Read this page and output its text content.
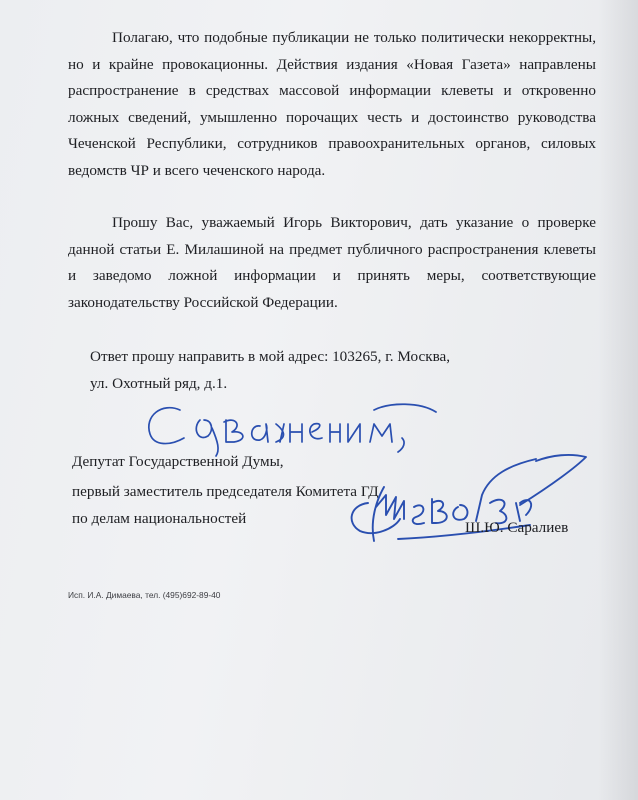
Полагаю, что подобные публикации не только политически некорректны, но и крайне провокационны. Действия издания «Новая Газета» направлены распространение в средствах массовой информации клеветы и откровенно ложных сведений, умышленно порочащих честь и достоинство руководства Чеченской Республики, сотрудников правоохранительных органов, силовых ведомств ЧР и всего чеченского народа.

Прошу Вас, уважаемый Игорь Викторович, дать указание о проверке данной статьи Е. Милашиной на предмет публичного распространения клеветы и заведомо ложной информации и принять меры, соответствующие законодательству Российской Федерации.

Ответ прошу направить в мой адрес: 103265, г. Москва,

ул. Охотный ряд, д.1.

Депутат Государственной Думы,

первый заместитель председателя Комитета ГД

по делам национальностей

Ш.Ю. Саралиев

Исп. И.А. Димаева, тел. (495)692-89-40
